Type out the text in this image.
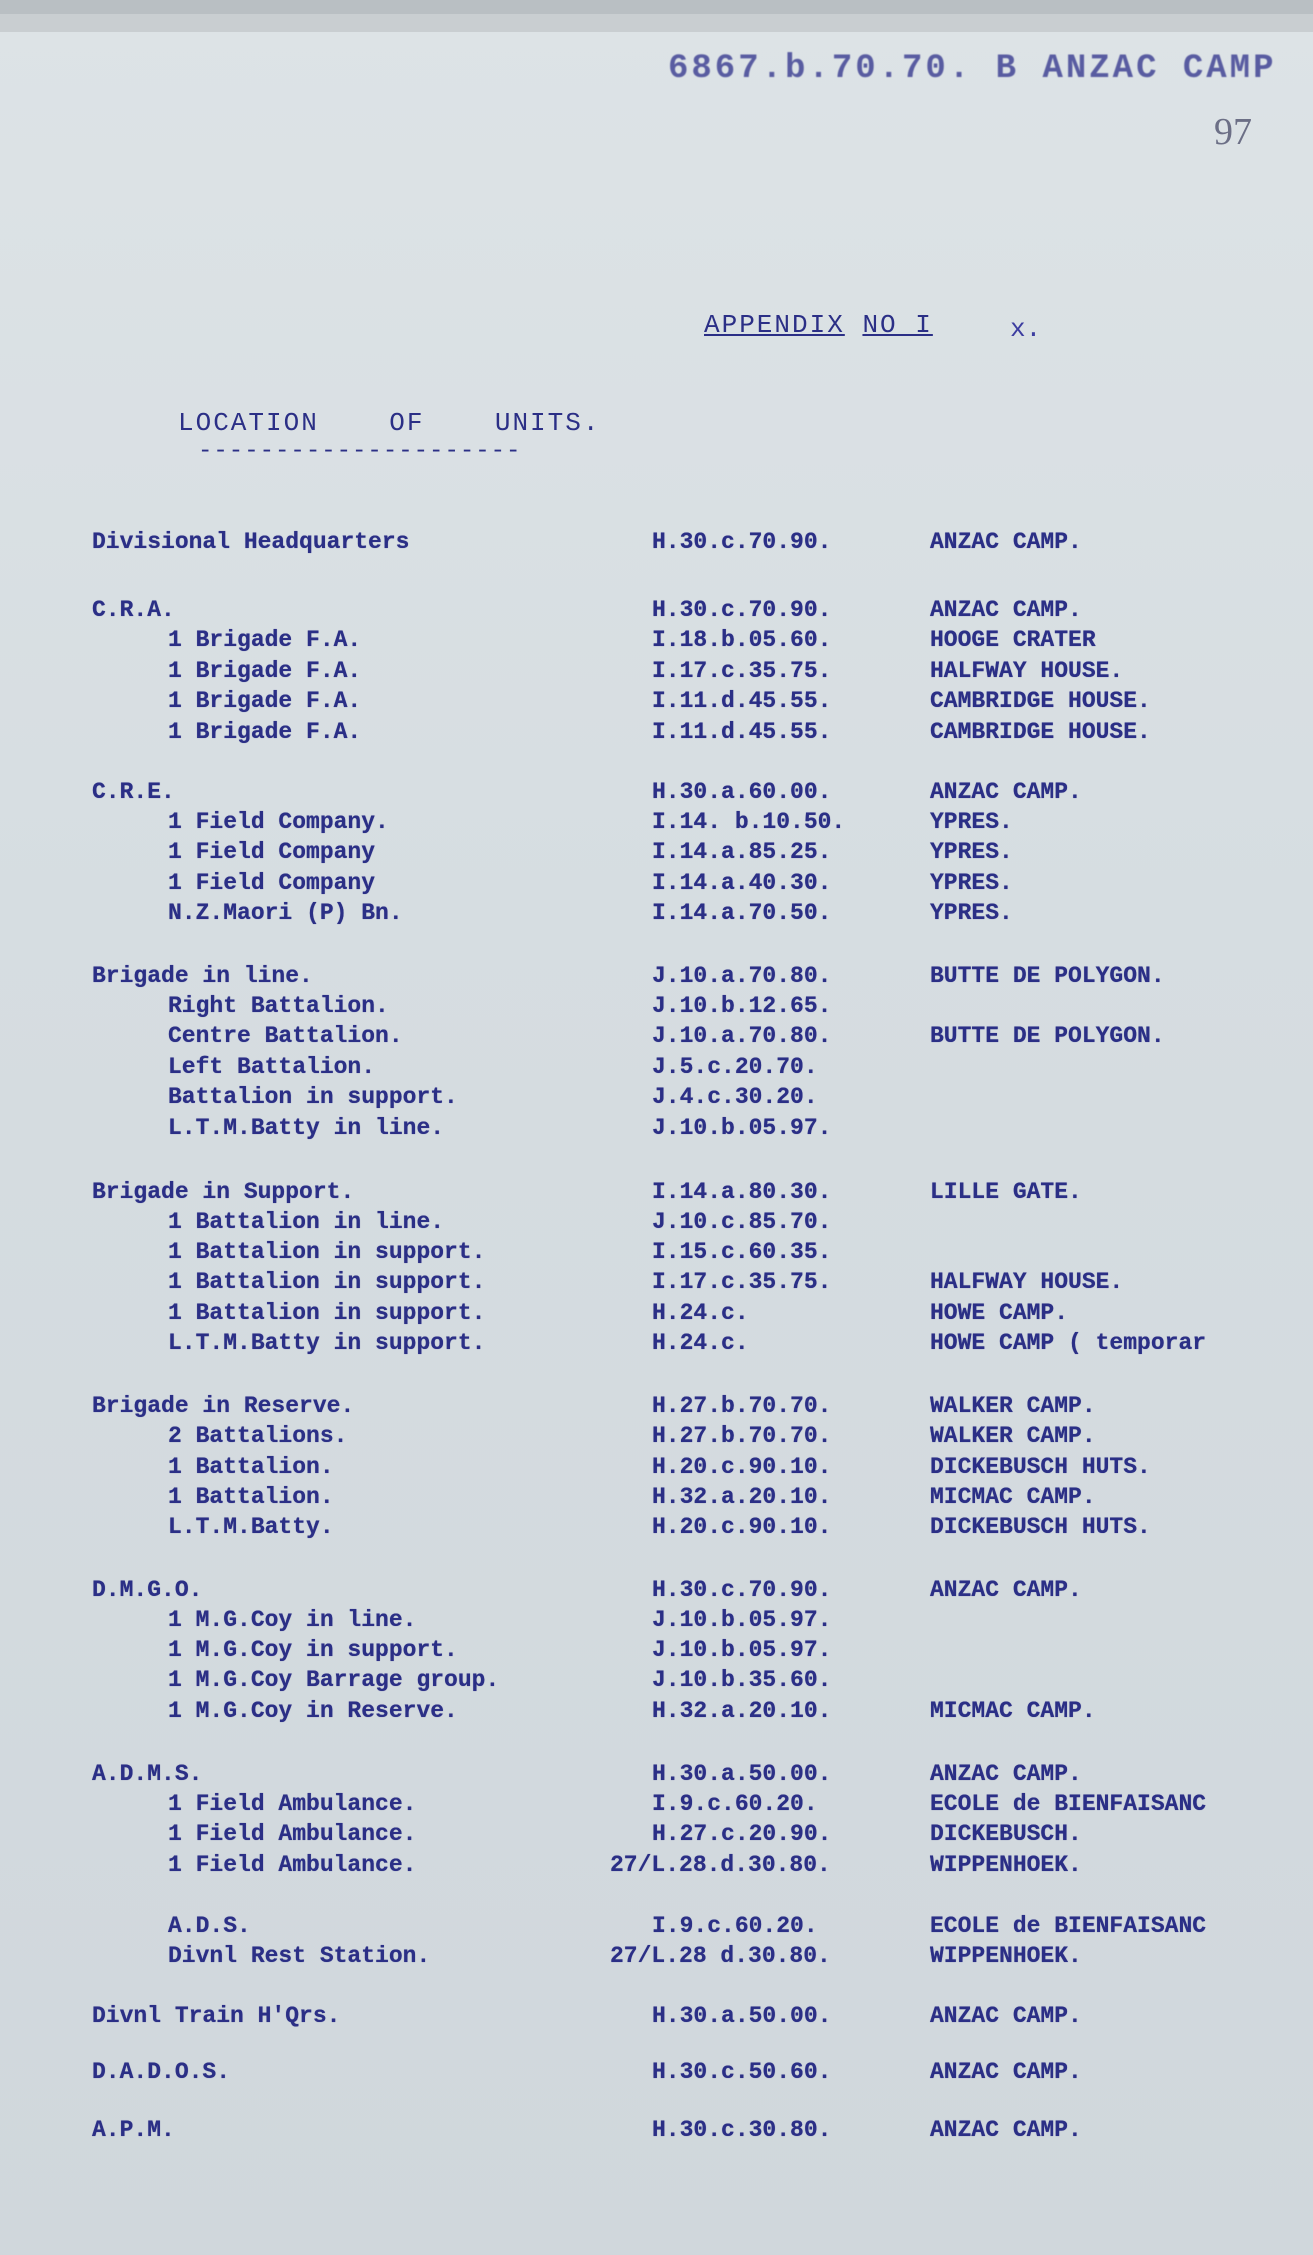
6867.b.70.70. B ANZAC CAMP
97
APPENDIX NO I	x.
LOCATION    OF    UNITS.
---------------------
Divisional Headquarters	H.30.c.70.90.	ANZAC CAMP.
C.R.A.	H.30.c.70.90.	ANZAC CAMP.
1 Brigade F.A.	I.18.b.05.60.	HOOGE CRATER
1 Brigade F.A.	I.17.c.35.75.	HALFWAY HOUSE.
1 Brigade F.A.	I.11.d.45.55.	CAMBRIDGE HOUSE.
1 Brigade F.A.	I.11.d.45.55.	CAMBRIDGE HOUSE.
C.R.E.	H.30.a.60.00.	ANZAC CAMP.
1 Field Company.	I.14. b.10.50.	YPRES.
1 Field Company	I.14.a.85.25.	YPRES.
1 Field Company	I.14.a.40.30.	YPRES.
N.Z.Maori (P) Bn.	I.14.a.70.50.	YPRES.
Brigade in line.	J.10.a.70.80.	BUTTE DE POLYGON.
Right Battalion.	J.10.b.12.65.
Centre Battalion.	J.10.a.70.80.	BUTTE DE POLYGON.
Left Battalion.	J.5.c.20.70.
Battalion in support.	J.4.c.30.20.
L.T.M.Batty in line.	J.10.b.05.97.
Brigade in Support.	I.14.a.80.30.	LILLE GATE.
1 Battalion in line.	J.10.c.85.70.
1 Battalion in support.	I.15.c.60.35.
1 Battalion in support.	I.17.c.35.75.	HALFWAY HOUSE.
1 Battalion in support.	H.24.c.	HOWE CAMP.
L.T.M.Batty in support.	H.24.c.	HOWE CAMP ( temporar
Brigade in Reserve.	H.27.b.70.70.	WALKER CAMP.
2 Battalions.	H.27.b.70.70.	WALKER CAMP.
1 Battalion.	H.20.c.90.10.	DICKEBUSCH HUTS.
1 Battalion.	H.32.a.20.10.	MICMAC CAMP.
L.T.M.Batty.	H.20.c.90.10.	DICKEBUSCH HUTS.
D.M.G.O.	H.30.c.70.90.	ANZAC CAMP.
1 M.G.Coy in line.	J.10.b.05.97.
1 M.G.Coy in support.	J.10.b.05.97.
1 M.G.Coy Barrage group.	J.10.b.35.60.
1 M.G.Coy in Reserve.	H.32.a.20.10.	MICMAC CAMP.
A.D.M.S.	H.30.a.50.00.	ANZAC CAMP.
1 Field Ambulance.	I.9.c.60.20.	ECOLE de BIENFAISANC
1 Field Ambulance.	H.27.c.20.90.	DICKEBUSCH.
1 Field Ambulance.	27/L.28.d.30.80.	WIPPENHOEK.
A.D.S.	I.9.c.60.20.	ECOLE de BIENFAISANC
Divnl Rest Station.	27/L.28 d.30.80.	WIPPENHOEK.
Divnl Train H'Qrs.	H.30.a.50.00.	ANZAC CAMP.
D.A.D.O.S.	H.30.c.50.60.	ANZAC CAMP.
A.P.M.	H.30.c.30.80.	ANZAC CAMP.
